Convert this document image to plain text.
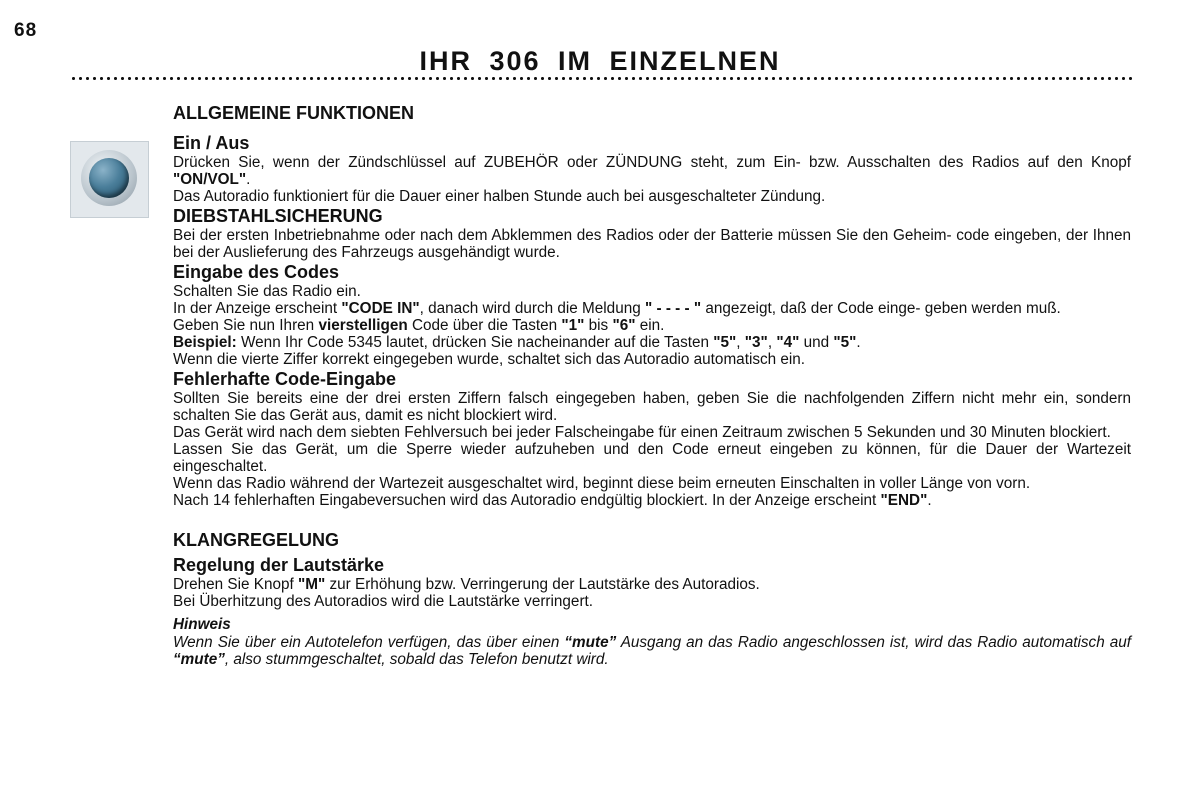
68
IHR 306 IM EINZELNEN
ALLGEMEINE FUNKTIONEN
Ein / Aus

Drücken Sie, wenn der Zündschlüssel auf ZUBEHÖR oder ZÜNDUNG steht, zum Ein- bzw. Ausschalten des Radios auf den Knopf "ON/VOL".

Das Autoradio funktioniert für die Dauer einer halben Stunde auch bei ausgeschalteter Zündung.

DIEBSTAHLSICHERUNG

Bei der ersten Inbetriebnahme oder nach dem Abklemmen des Radios oder der Batterie müssen Sie den Geheim- code eingeben, der Ihnen bei der Auslieferung des Fahrzeugs ausgehändigt wurde.

Eingabe des Codes

Schalten Sie das Radio ein.

In der Anzeige erscheint "CODE IN", danach wird durch die Meldung " - - - - " angezeigt, daß der Code einge- geben werden muß.

Geben Sie nun Ihren vierstelligen Code über die Tasten "1" bis "6" ein.

Beispiel: Wenn Ihr Code 5345 lautet, drücken Sie nacheinander auf die Tasten "5", "3", "4" und "5".

Wenn die vierte Ziffer korrekt eingegeben wurde, schaltet sich das Autoradio automatisch ein.

Fehlerhafte Code-Eingabe

Sollten Sie bereits eine der drei ersten Ziffern falsch eingegeben haben, geben Sie die nachfolgenden Ziffern nicht mehr ein, sondern schalten Sie das Gerät aus, damit es nicht blockiert wird.

Das Gerät wird nach dem siebten Fehlversuch bei jeder Falscheingabe für einen Zeitraum zwischen 5 Sekunden und 30 Minuten blockiert.

Lassen Sie das Gerät, um die Sperre wieder aufzuheben und den Code erneut eingeben zu können, für die Dauer der Wartezeit eingeschaltet.

Wenn das Radio während der Wartezeit ausgeschaltet wird, beginnt diese beim erneuten Einschalten in voller Länge von vorn.

Nach 14 fehlerhaften Eingabeversuchen wird das Autoradio endgültig blockiert. In der Anzeige erscheint "END".

KLANGREGELUNG
Regelung der Lautstärke

Drehen Sie Knopf "M" zur Erhöhung bzw. Verringerung der Lautstärke des Autoradios.

Bei Überhitzung des Autoradios wird die Lautstärke verringert.

Hinweis

Wenn Sie über ein Autotelefon verfügen, das über einen “mute” Ausgang an das Radio angeschlossen ist, wird das Radio automatisch auf “mute”, also stummgeschaltet, sobald das Telefon benutzt wird.
